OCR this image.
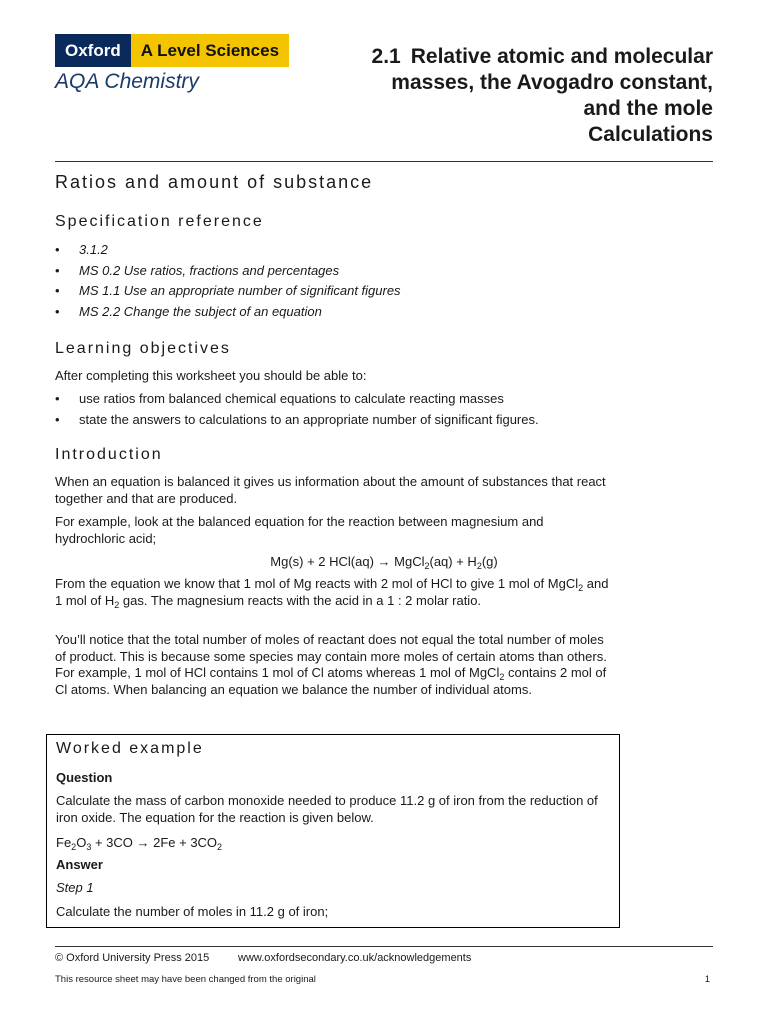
Oxford	A Level Sciences
AQA Chemistry
2.1 Relative atomic and molecular
masses, the Avogadro constant,
and the mole
Calculations
Ratios and amount of substance
Specification reference
• 3.1.2
• MS 0.2 Use ratios, fractions and percentages
• MS 1.1 Use an appropriate number of significant figures
• MS 2.2 Change the subject of an equation
Learning objectives

After completing this worksheet you should be able to:

• use ratios from balanced chemical equations to calculate reacting masses
• state the answers to calculations to an appropriate number of significant figures.
Introduction

When an equation is balanced it gives us information about the amount of substances that react together and that are produced.

For example, look at the balanced equation for the reaction between magnesium and hydrochloric acid;

Mg(s) + 2 HCl(aq) → MgCl$_2$(aq) + $H_2(g)$

From the equation we know that 1 mol of Mg reacts with 2 mol of HCl to give 1 mol of MgCl$_2$ and 1 mol of $H_2$ gas. The magnesium reacts with the acid in a 1 : 2 molar ratio.

You’ll notice that the total number of moles of reactant does not equal the total number of moles of product. This is because some species may contain more moles of certain atoms than others. For example, 1 mol of HCl contains 1 mol of Cl atoms whereas 1 mol of MgCl$_2$ contains 2 mol of Cl atoms. When balancing an equation we balance the number of individual atoms.

Worked example
Question
Calculate the mass of carbon monoxide needed to produce 11.2 g of iron from the reduction of iron oxide. The equation for the reaction is given below.
$Fe_2O_3 + 3CO \to 2Fe + 3CO_2$
Answer
Step 1
Calculate the number of moles in 11.2 g of iron;
© Oxford University Press 2015	www.oxfordsecondary.co.uk/acknowledgements
This resource sheet may have been changed from the original	1
